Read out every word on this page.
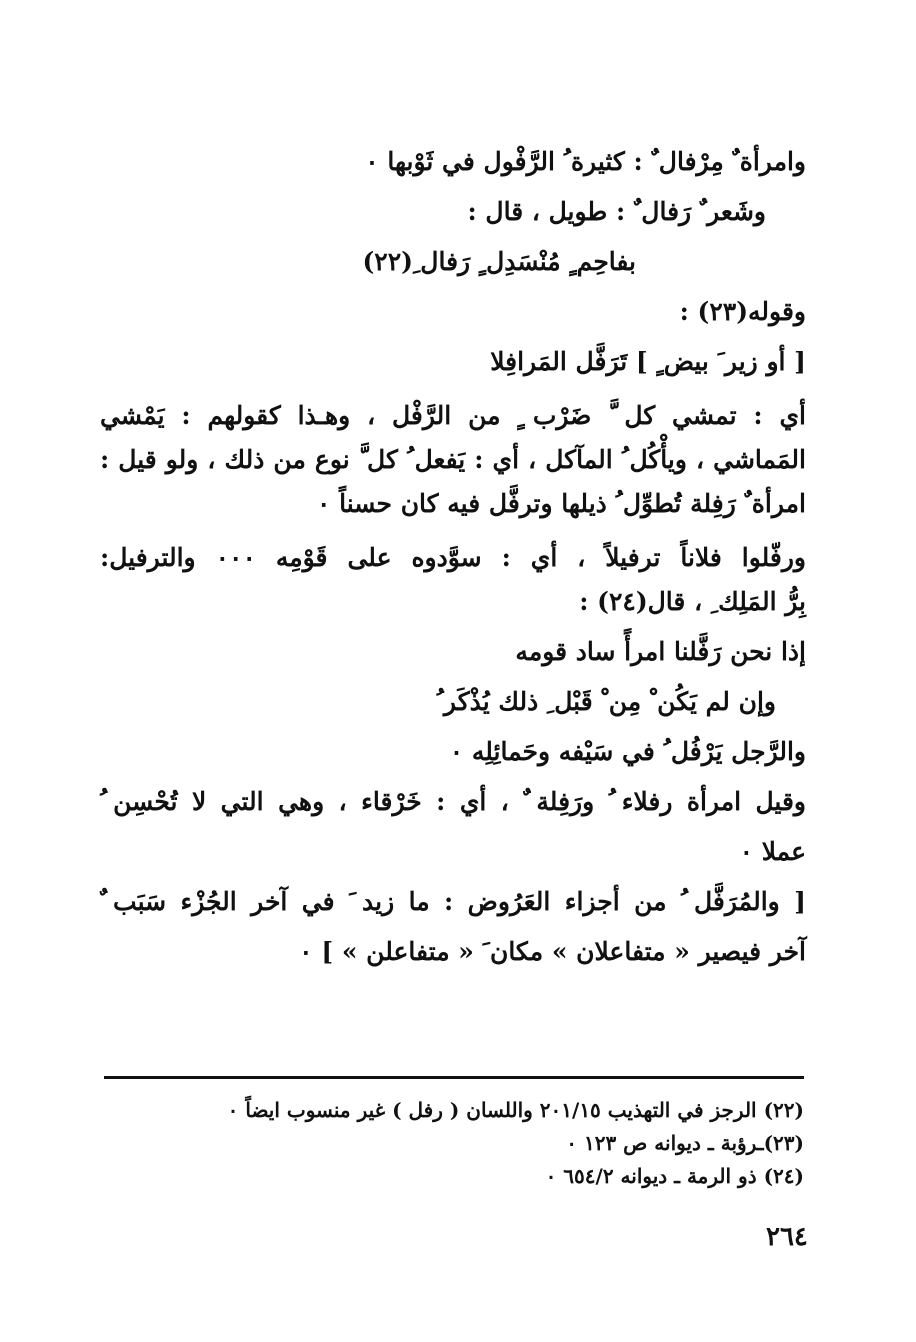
وامرأة ٌ مِرْفال ٌ : كثيرة ُ الرَّفْول في ثَوْبها ٠

وشَعر ٌ رَفال ٌ : طويل ، قال :

بفاحِم ٍ مُنْسَدِل ٍ رَفال ِ(٢٢)

وقوله(٢٣) :

[ أو زير َ بيض ٍ ] تَرَفَّل المَرافِلا

أي : تمشي كل َّ ضَرْب ٍ من الرَّفْل ، وهـذا كقولهم : يَمْشي

المَماشي ، ويأْكُل ُ المآكل ، أي : يَفعل ُ كل َّ نوع من ذلك ، ولو قيل :

امرأة ٌ رَفِلة تُطوِّل ُ ذيلها وترفَّل فيه كان حسناً ٠

ورفّلوا فلاناً ترفيلاً ، أي : سوَّدوه على قَوْمِه ٠٠٠ والترفيل:

بِرُّ المَلِك ِ ، قال(٢٤) :

إذا نحن رَفَّلنا امرأً ساد قومه

وإن لم يَكُن ْ مِن ْ قَبْل ِ ذلك يُذْكَر ُ

والرَّجل يَرْفُل ُ في سَيْفه وحَمائِلِه ٠

وقيل امرأة رفلاء ُ ورَفِلة ٌ ، أي : خَرْقاء ، وهي التي لا تُحْسِن ُ

عملا ٠

[ والمُرَفَّل ُ من أجزاء العَرُوض : ما زيد َ في آخر الجُزْء سَبَب ٌ

آخر فيصير « متفاعلان » مكان َ « متفاعلن » ] ٠

(٢٢) الرجز في التهذيب ٢٠١/١٥ واللسان ( رفل ) غير منسوب ايضاً ٠
(٢٣)ـرؤبة ـ ديوانه ص ١٢٣ ٠
(٢٤) ذو الرمة ـ ديوانه ٦٥٤/٢ ٠
٢٦٤
